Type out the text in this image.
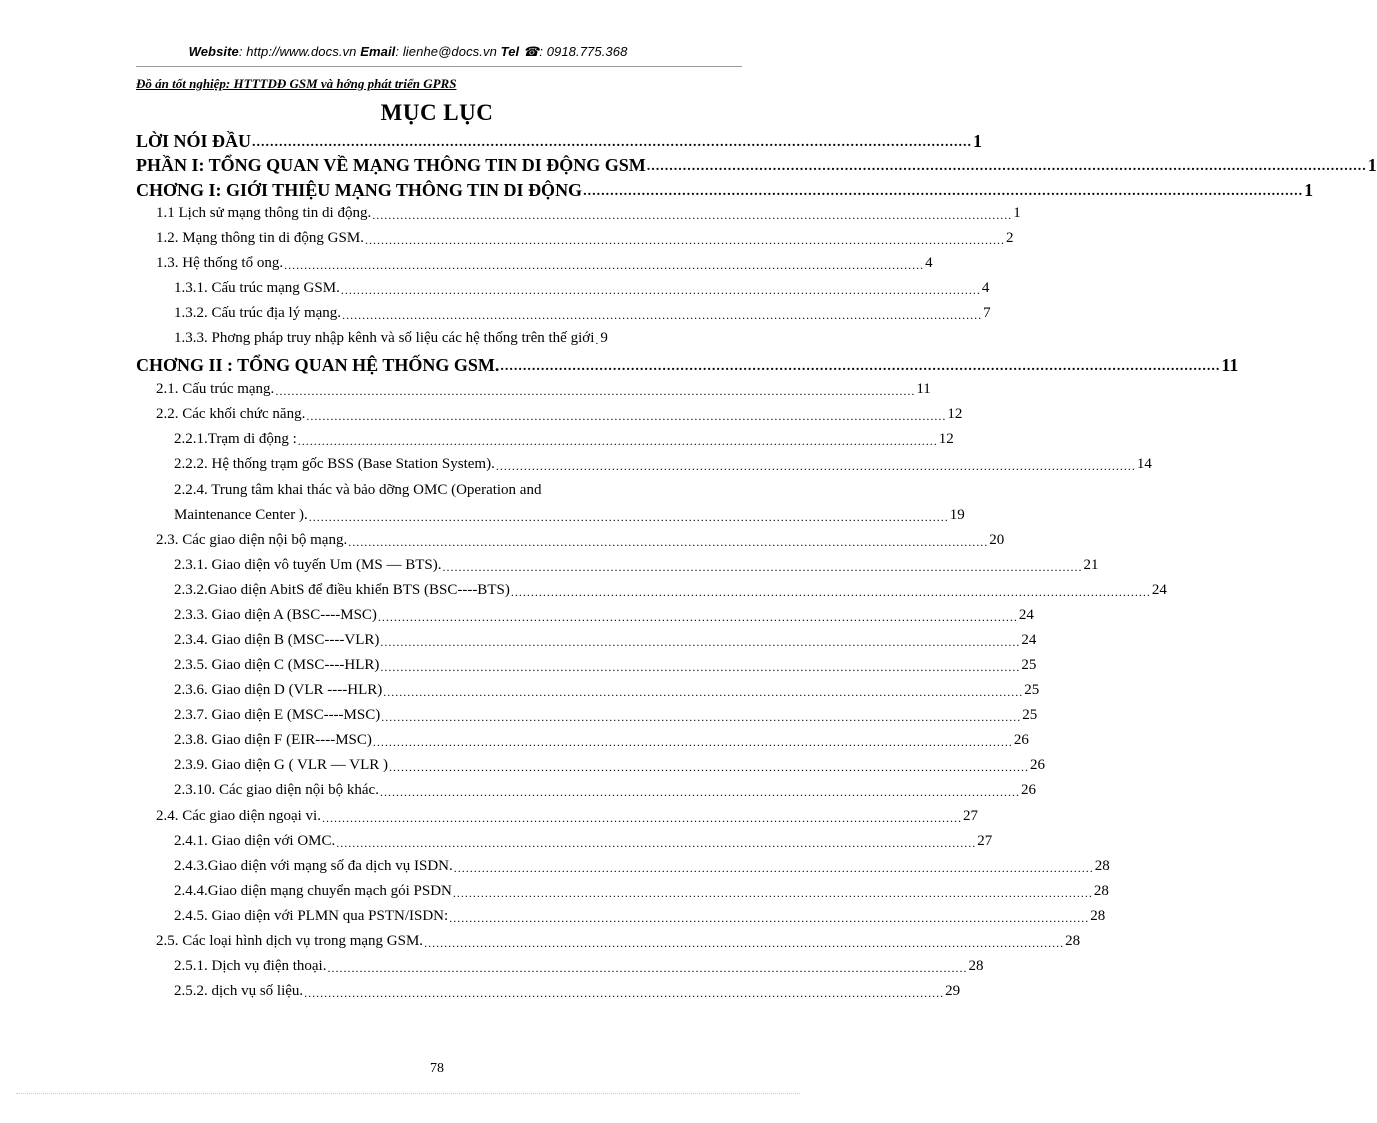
Website: http://www.docs.vn Email: lienhe@docs.vn Tel ☎: 0918.775.368
Đồ án tốt nghiệp: HTTTDĐ GSM và hớng phát triển GPRS
MỤC LỤC
LỜI NÓI ĐẦU ................................................................................................................................................................ 1
PHẦN I: TỔNG QUAN VỀ MẠNG THÔNG TIN DI ĐỘNG GSM ................................................................................................................................................................ 1
CHƠNG I: GIỚI THIỆU MẠNG THÔNG TIN DI ĐỘNG ................................................................................................................................................................ 1
1.1 Lịch sử mạng thông tin di động. ................................................................................................................................................................ 1
1.2. Mạng thông tin di động GSM. ................................................................................................................................................................ 2
1.3. Hệ thống tổ ong. ................................................................................................................................................................ 4
1.3.1. Cấu trúc mạng GSM. ................................................................................................................................................................ 4
1.3.2. Cấu trúc địa lý mạng. ................................................................................................................................................................ 7
1.3.3. Phơng pháp truy nhập kênh và số liệu các hệ thống trên thế giới . 9
CHƠNG II : TỔNG QUAN HỆ THỐNG GSM. ................................................................................................................................................................ 11
2.1. Cấu trúc mạng. ................................................................................................................................................................ 11
2.2. Các khối chức năng. ................................................................................................................................................................ 12
2.2.1.Trạm di động : ................................................................................................................................................................ 12
2.2.2. Hệ thống trạm gốc BSS (Base Station System). ................................................................................................................................................................ 14
2.2.4. Trung tâm khai thác và bảo dỡng OMC (Operation and
Maintenance Center ). ................................................................................................................................................................ 19
2.3. Các giao diện nội bộ mạng. ................................................................................................................................................................ 20
2.3.1. Giao diện vô tuyến Um (MS — BTS). ................................................................................................................................................................ 21
2.3.2.Giao diện AbitS để điều khiển BTS (BSC----BTS) ................................................................................................................................................................ 24
2.3.3. Giao diện A (BSC----MSC) ................................................................................................................................................................ 24
2.3.4. Giao diện B (MSC----VLR) ................................................................................................................................................................ 24
2.3.5. Giao diện C (MSC----HLR) ................................................................................................................................................................ 25
2.3.6. Giao diện D (VLR ----HLR) ................................................................................................................................................................ 25
2.3.7. Giao diện E (MSC----MSC) ................................................................................................................................................................ 25
2.3.8. Giao diện F (EIR----MSC) ................................................................................................................................................................ 26
2.3.9. Giao diện G ( VLR — VLR ) ................................................................................................................................................................ 26
2.3.10. Các giao diện nội bộ khác. ................................................................................................................................................................ 26
2.4. Các giao diện ngoại vi. ................................................................................................................................................................ 27
2.4.1. Giao diện với OMC. ................................................................................................................................................................ 27
2.4.3.Giao diện với mạng số đa dịch vụ ISDN. ................................................................................................................................................................ 28
2.4.4.Giao diện mạng chuyển mạch gói PSDN ................................................................................................................................................................ 28
2.4.5. Giao diện với PLMN qua PSTN/ISDN: ................................................................................................................................................................ 28
2.5. Các loại hình dịch vụ trong mạng GSM. ................................................................................................................................................................ 28
2.5.1. Dịch vụ điện thoại. ................................................................................................................................................................ 28
2.5.2. dịch vụ số liệu. ................................................................................................................................................................ 29
78
